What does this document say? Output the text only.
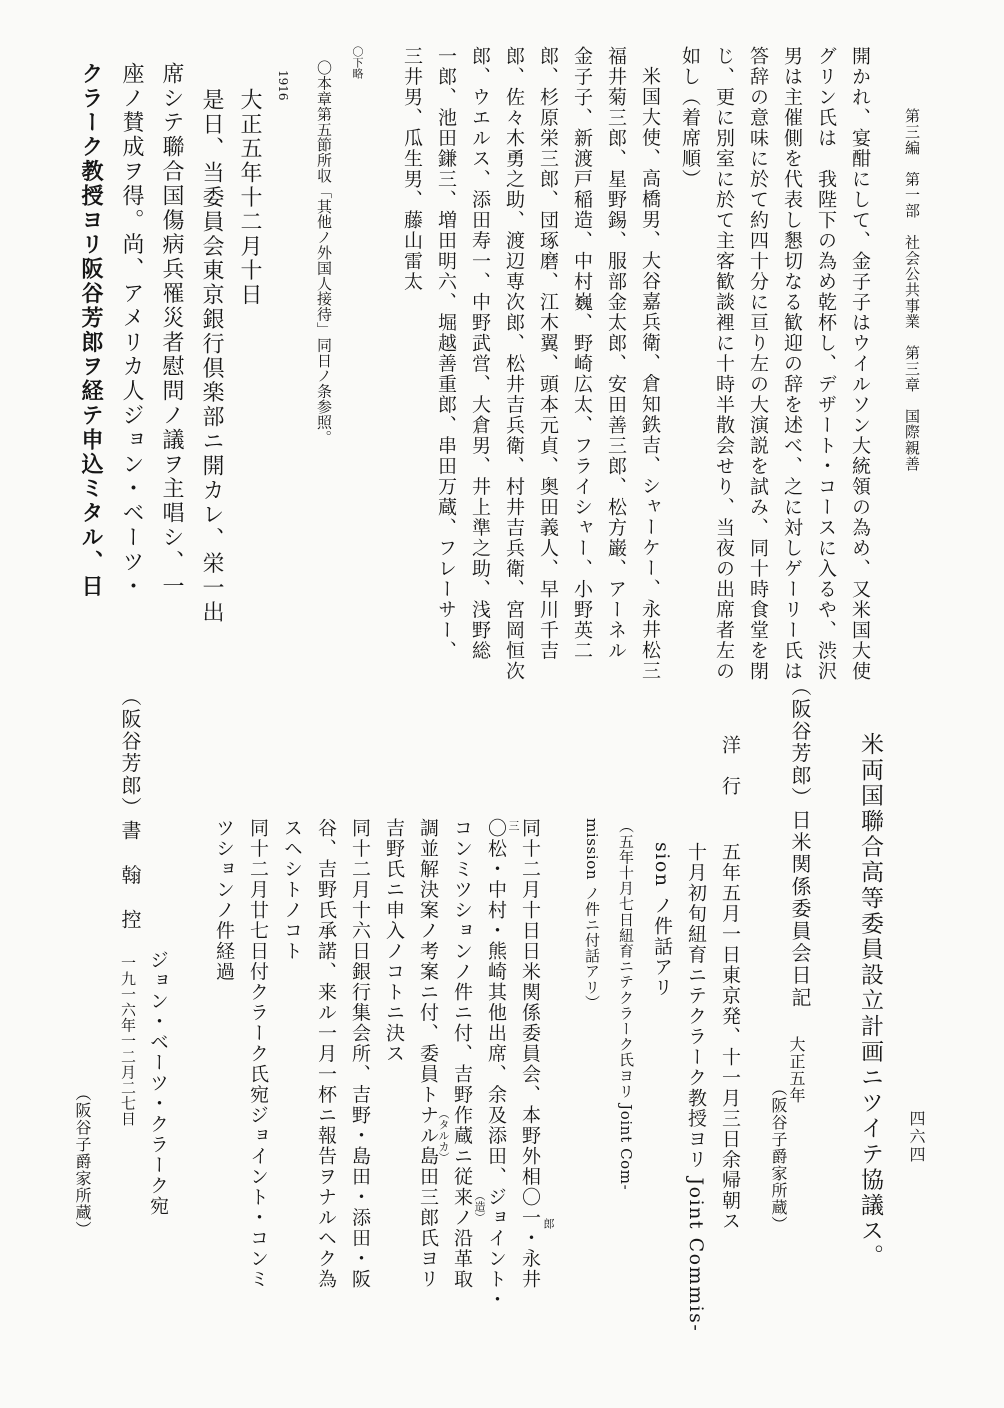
第三編　第一部　社会公共事業　第三章　国際親善
開かれ、宴酣にして、金子子はウイルソン大統領の為め、又米国大使
グリン氏は　我陛下の為め乾杯し、デザート・コースに入るや、渋沢
男は主催側を代表し懇切なる歓迎の辞を述べ、之に対しゲーリー氏は
答辞の意味に於て約四十分に亘り左の大演説を試み、同十時食堂を閉
じ、更に別室に於て主客歓談裡に十時半散会せり、当夜の出席者左の
如し（着席順）
米国大使、高橋男、大谷嘉兵衛、倉知鉄吉、シャーケー、永井松三
福井菊三郎、星野錫、服部金太郎、安田善三郎、松方巌、アーネル
金子子、新渡戸稲造、中村巍、野崎広太、フライシャー、小野英二
郎、杉原栄三郎、団琢磨、江木翼、頭本元貞、奥田義人、早川千吉
郎、佐々木勇之助、渡辺専次郎、松井吉兵衛、村井吉兵衛、宮岡恒次
郎、ウエルス、添田寿一、中野武営、大倉男、井上準之助、浅野総
一郎、池田鎌三、増田明六、堀越善重郎、串田万蔵、フレーサー、
三井男、瓜生男、藤山雷太
〇下略
〇本章第五節所収「其他ノ外国人接待」同日ノ条参照。
1916
大正五年十二月十日
是日、当委員会東京銀行倶楽部ニ開カレ、栄一出
席シテ聯合国傷病兵罹災者慰問ノ議ヲ主唱シ、一
座ノ賛成ヲ得。尚、アメリカ人ジョン・ベーツ・
クラーク教授ヨリ阪谷芳郎ヲ経テ申込ミタル、日
米両国聯合高等委員設立計画ニツイテ協議ス。 四六四
（阪谷子爵家所蔵）
（阪谷芳郎）日米関係委員会日記
大正五年
洋　行
五年五月一日東京発、十一月三日余帰朝ス
十月初旬紐育ニテクラーク教授ヨリ Joint Commis-
sion ノ件話アリ
（五年十月七日紐育ニテクラーク氏ヨリ Joint Com-
mission ノ件ニ付話アリ）
同十二月十日日米関係委員会、本野外相〇一・永井
〇松・中村・熊崎其他出席、余及添田、ジョイント・
コンミツションノ件ニ付、吉野作蔵ニ従来ノ沿革取
調並解決案ノ考案ニ付、委員トナル島田三郎氏ヨリ
吉野氏ニ申入ノコトニ決ス
同十二月十六日銀行集会所、吉野・島田・添田・阪
谷、吉野氏承諾、来ル一月一杯ニ報告ヲナルヘク為
スヘシトノコト
同十二月廿七日付クラーク氏宛ジョイント・コンミ
ツションノ件経過
郎
三
（造）
（タルカ）
（阪谷芳郎）
書　翰　控
ジョン・ベーツ・クラーク宛
一九一六年一二月二七日
（阪谷子爵家所蔵）
